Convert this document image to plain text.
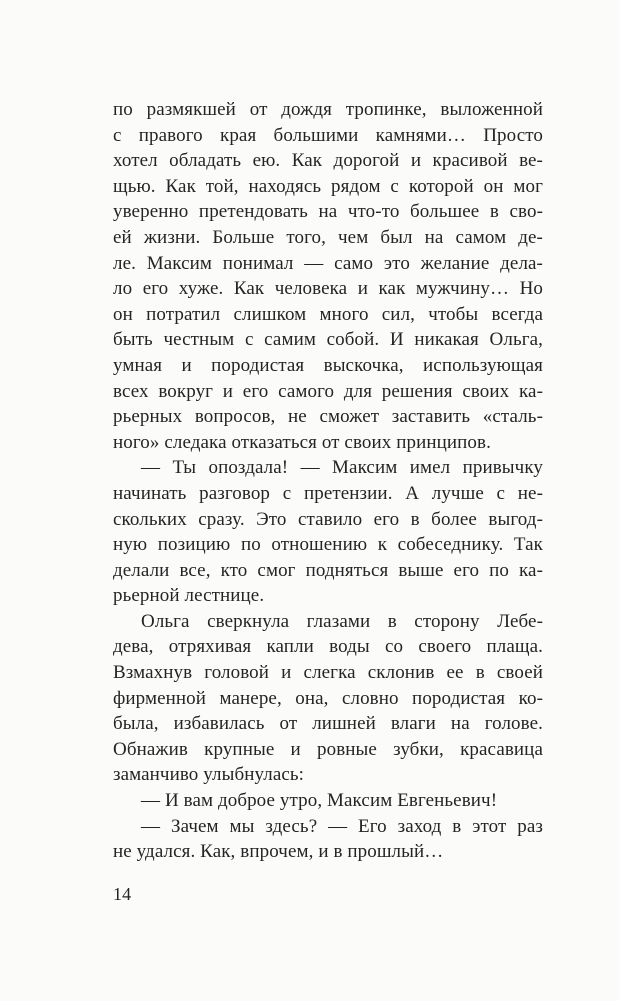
по размякшей от дождя тропинке, выложенной
с правого края большими камнями… Просто
хотел обладать ею. Как дорогой и красивой ве-
щью. Как той, находясь рядом с которой он мог
уверенно претендовать на что-то большее в сво-
ей жизни. Больше того, чем был на самом де-
ле. Максим понимал — само это желание дела-
ло его хуже. Как человека и как мужчину… Но
он потратил слишком много сил, чтобы всегда
быть честным с самим собой. И никакая Ольга,
умная и породистая выскочка, использующая
всех вокруг и его самого для решения своих ка-
рьерных вопросов, не сможет заставить «сталь-
ного» следака отказаться от своих принципов.
— Ты опоздала! — Максим имел привычку
начинать разговор с претензии. А лучше с не-
скольких сразу. Это ставило его в более выгод-
ную позицию по отношению к собеседнику. Так
делали все, кто смог подняться выше его по ка-
рьерной лестнице.
Ольга сверкнула глазами в сторону Лебе-
дева, отряхивая капли воды со своего плаща.
Взмахнув головой и слегка склонив ее в своей
фирменной манере, она, словно породистая ко-
была, избавилась от лишней влаги на голове.
Обнажив крупные и ровные зубки, красавица
заманчиво улыбнулась:
— И вам доброе утро, Максим Евгеньевич!
— Зачем мы здесь? — Его заход в этот раз
не удался. Как, впрочем, и в прошлый…
14
